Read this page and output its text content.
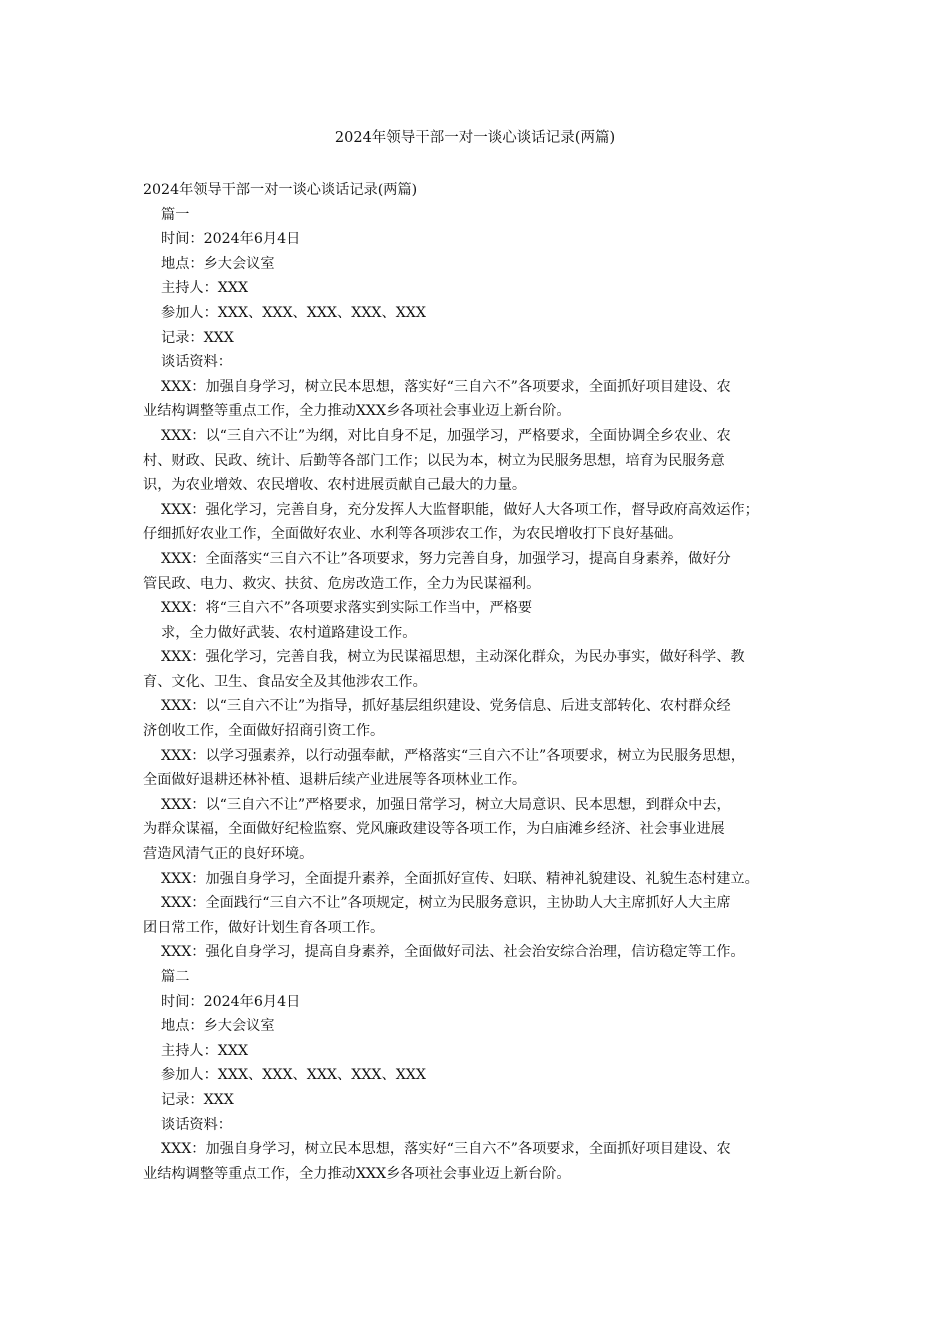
2024年领导干部一对一谈心谈话记录(两篇)
2024年领导干部一对一谈心谈话记录(两篇)
篇一
时间：2024年6月4日
地点：乡大会议室
主持人：XXX
参加人：XXX、XXX、XXX、XXX、XXX
记录：XXX
谈话资料：
XXX：加强自身学习，树立民本思想，落实好“三自六不”各项要求，全面抓好项目建设、农
业结构调整等重点工作，全力推动XXX乡各项社会事业迈上新台阶。
XXX：以“三自六不让”为纲，对比自身不足，加强学习，严格要求，全面协调全乡农业、农
村、财政、民政、统计、后勤等各部门工作；以民为本，树立为民服务思想，培育为民服务意
识，为农业增效、农民增收、农村进展贡献自己最大的力量。
XXX：强化学习，完善自身，充分发挥人大监督职能，做好人大各项工作，督导政府高效运作；
仔细抓好农业工作，全面做好农业、水利等各项涉农工作，为农民增收打下良好基础。
XXX：全面落实“三自六不让”各项要求，努力完善自身，加强学习，提高自身素养，做好分
管民政、电力、救灾、扶贫、危房改造工作，全力为民谋福利。
XXX：将“三自六不”各项要求落实到实际工作当中，严格要
求，全力做好武装、农村道路建设工作。
XXX：强化学习，完善自我，树立为民谋福思想，主动深化群众，为民办事实，做好科学、教
育、文化、卫生、食品安全及其他涉农工作。
XXX：以“三自六不让”为指导，抓好基层组织建设、党务信息、后进支部转化、农村群众经
济创收工作，全面做好招商引资工作。
XXX：以学习强素养，以行动强奉献，严格落实“三自六不让”各项要求，树立为民服务思想，
全面做好退耕还林补植、退耕后续产业进展等各项林业工作。
XXX：以“三自六不让”严格要求，加强日常学习，树立大局意识、民本思想，到群众中去，
为群众谋福，全面做好纪检监察、党风廉政建设等各项工作，为白庙滩乡经济、社会事业进展
营造风清气正的良好环境。
XXX：加强自身学习，全面提升素养，全面抓好宣传、妇联、精神礼貌建设、礼貌生态村建立。
XXX：全面践行“三自六不让”各项规定，树立为民服务意识，主协助人大主席抓好人大主席
团日常工作，做好计划生育各项工作。
XXX：强化自身学习，提高自身素养，全面做好司法、社会治安综合治理，信访稳定等工作。
篇二
时间：2024年6月4日
地点：乡大会议室
主持人：XXX
参加人：XXX、XXX、XXX、XXX、XXX
记录：XXX
谈话资料：
XXX：加强自身学习，树立民本思想，落实好“三自六不”各项要求，全面抓好项目建设、农
业结构调整等重点工作，全力推动XXX乡各项社会事业迈上新台阶。
